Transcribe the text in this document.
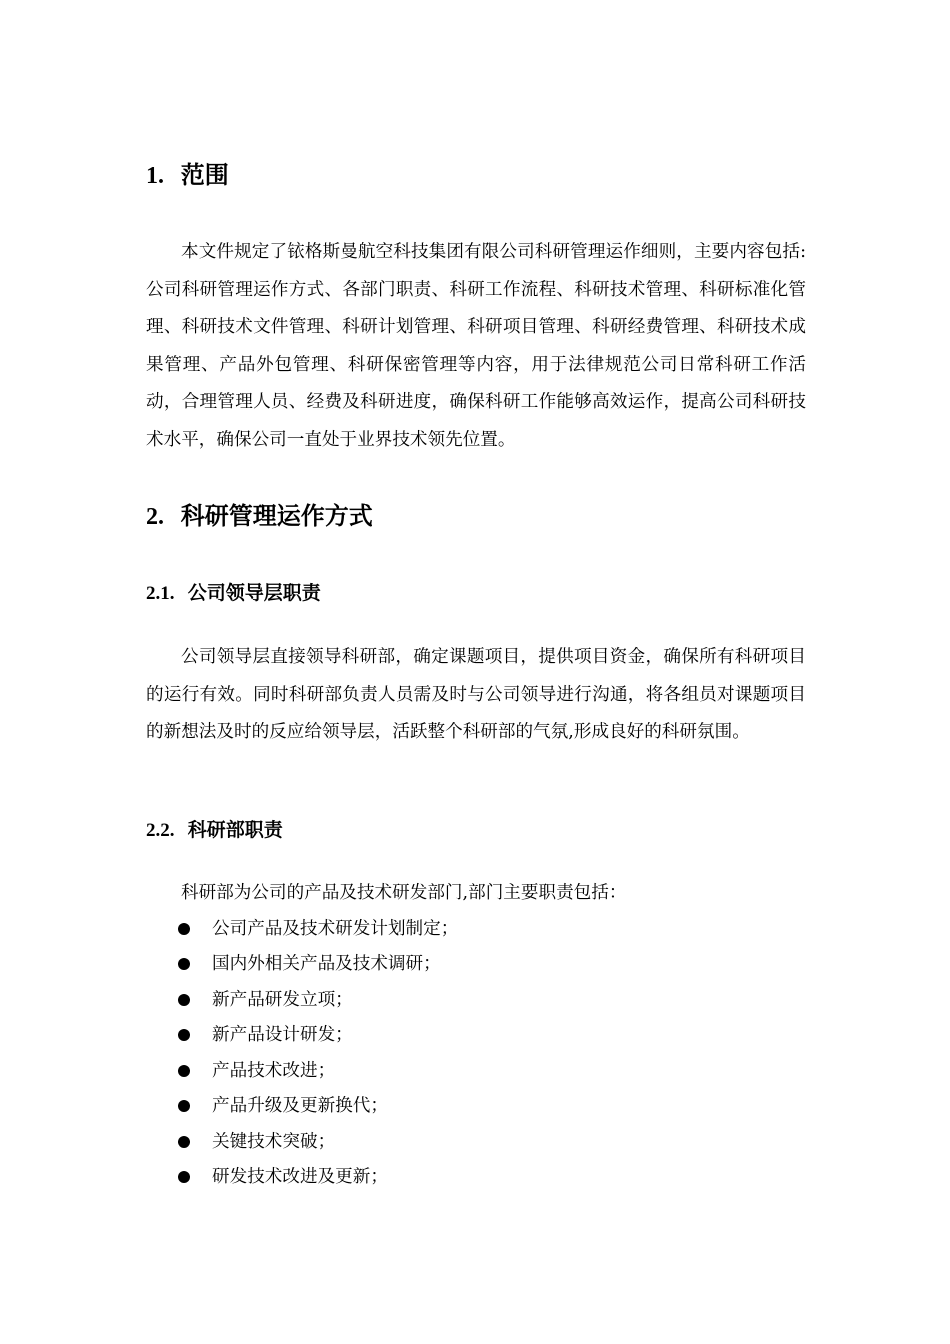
1. 范围

本文件规定了铱格斯曼航空科技集团有限公司科研管理运作细则，主要内容包括:公司科研管理运作方式、各部门职责、科研工作流程、科研技术管理、科研标准化管理、科研技术文件管理、科研计划管理、科研项目管理、科研经费管理、科研技术成果管理、产品外包管理、科研保密管理等内容，用于法律规范公司日常科研工作活动，合理管理人员、经费及科研进度，确保科研工作能够高效运作，提高公司科研技术水平，确保公司一直处于业界技术领先位置。

2. 科研管理运作方式
2.1. 公司领导层职责

公司领导层直接领导科研部，确定课题项目，提供项目资金，确保所有科研项目的运行有效。同时科研部负责人员需及时与公司领导进行沟通，将各组员对课题项目的新想法及时的反应给领导层，活跃整个科研部的气氛,形成良好的科研氛围。

2.2. 科研部职责
科研部为公司的产品及技术研发部门,部门主要职责包括：
公司产品及技术研发计划制定；
国内外相关产品及技术调研；
新产品研发立项；
新产品设计研发；
产品技术改进；
产品升级及更新换代；
关键技术突破；
研发技术改进及更新；
